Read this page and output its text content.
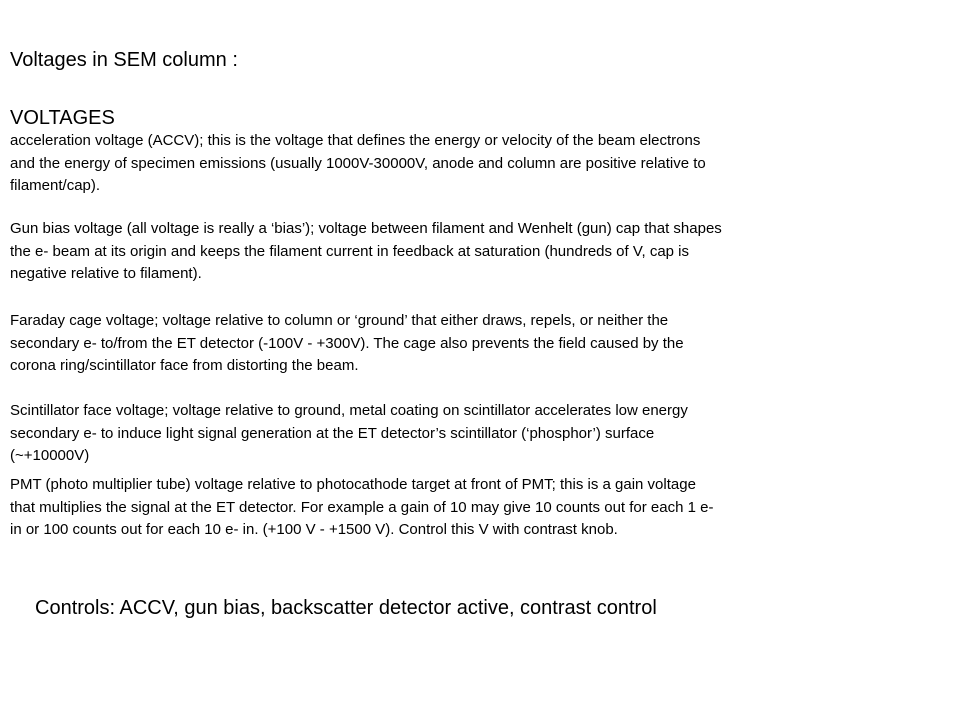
Voltages in SEM column :
VOLTAGES

acceleration voltage (ACCV); this is the voltage that defines the energy or velocity of the beam electrons
and the energy of specimen emissions (usually 1000V-30000V, anode and column are positive relative to
filament/cap).

Gun bias voltage (all voltage is really a ‘bias’); voltage between filament and Wenhelt (gun) cap that shapes
the e- beam at its origin and keeps the filament current in feedback at saturation (hundreds of V, cap is
negative relative to filament).

Faraday cage voltage; voltage relative to column or ‘ground’ that either draws, repels, or neither the
secondary e- to/from the ET detector (-100V - +300V). The cage also prevents the field caused by the
corona ring/scintillator face from distorting the beam.

Scintillator face voltage; voltage relative to ground, metal coating on scintillator accelerates low energy
secondary e- to induce light signal generation at the ET detector’s scintillator (‘phosphor’) surface
(~+10000V)

PMT (photo multiplier tube) voltage relative to photocathode target at front of PMT; this is a gain voltage
that multiplies the signal at the ET detector. For example a gain of 10 may give 10 counts out for each 1 e-
in or 100 counts out for each 10 e- in. (+100 V - +1500 V). Control this V with contrast knob.

Controls: ACCV, gun bias, backscatter detector active, contrast control
